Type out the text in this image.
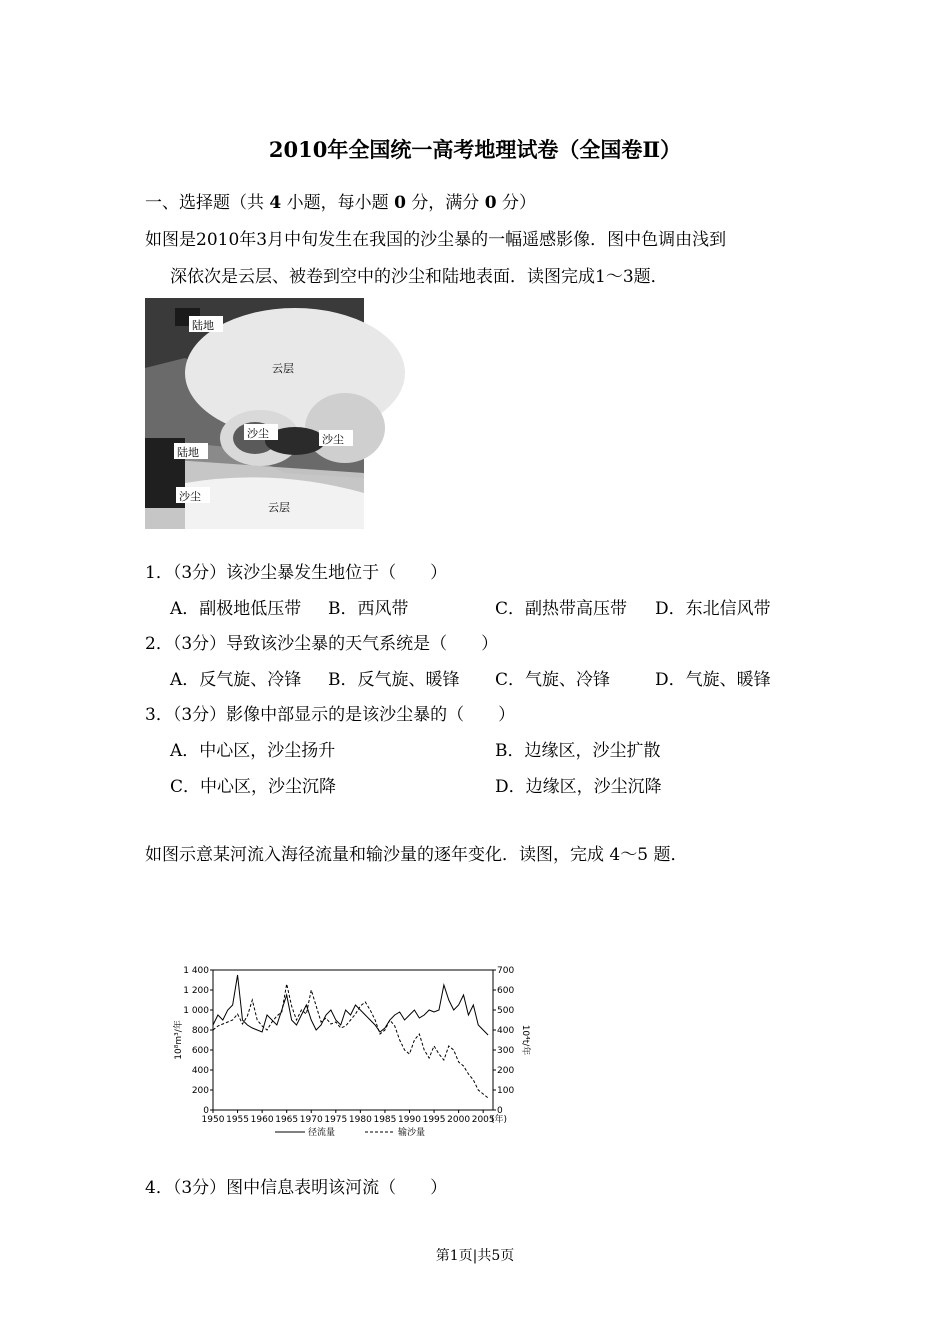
2010年全国统一高考地理试卷（全国卷Ⅱ）
一、选择题（共 4 小题，每小题 0 分，满分 0 分）
如图是2010年3月中旬发生在我国的沙尘暴的一幅遥感影像．图中色调由浅到
深依次是云层、被卷到空中的沙尘和陆地表面．读图完成1～3题．
陆地
云层
沙尘	沙尘
陆地
沙尘
云层
1．（3分）该沙尘暴发生地位于（　　）
A．副极地低压带 B．西风带	C．副热带高压带 D．东北信风带
2．（3分）导致该沙尘暴的天气系统是（　　）
A．反气旋、冷锋 B．反气旋、暖锋 C．气旋、冷锋	D．气旋、暖锋
3．（3分）影像中部显示的是该沙尘暴的（　　）
A．中心区，沙尘扬升	B．边缘区，沙尘扩散
C．中心区，沙尘沉降	D．边缘区，沙尘沉降
如图示意某河流入海径流量和输沙量的逐年变化．读图，完成 4～5 题．
0
200
400
600
800
1 000
1 200
1 400
0
100
200
300
400
500
600
700
1950 1955 1960 1965 1970 1975 1980 1985 1990 1995 2000 2005
(年)
10⁸m³/年	10⁴t/年
径流量	输沙量
4．（3分）图中信息表明该河流（　　）
第1页|共5页
